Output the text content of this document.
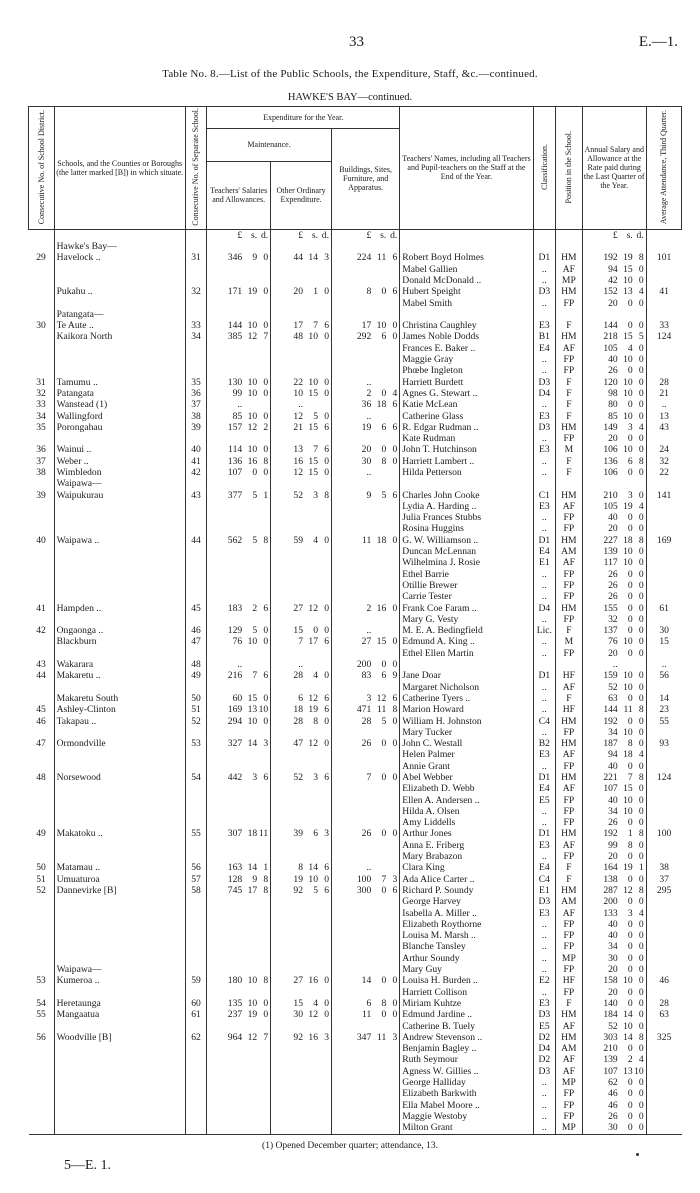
33	E.—1.
Table No. 8.—List of the Public Schools, the Expenditure, Staff, &c.—continued.
HAWKE'S BAY—continued.
Consecutive No. of School District.	Schools, and the Counties or Boroughs (the latter marked [B]) in which situate.	Consecutive No. of Separate School.	Expenditure for the Year.			Teachers' Names, including all Teachers and Pupil-teachers on the Staff at the End of the Year.	Classification.	Position in the School.	Annual Salary and Allowance at the Rate paid during the Last Quarter of the Year.	Average Attendance, Third Quarter.
			Maintenance.		Buildings, Sites, Furniture, and Apparatus.					
			Teachers' Salaries and Allowances.	Other Ordinary Expenditure.						

			£ s. d.	£ s. d.	£ s. d.				£ s. d.	

	Hawke's Bay—		

29	Havelock ..	31	346 9 0	44 14 3	224 11 6	Robert Boyd Holmes	D1	HM	192 19 8	101

	Mabel Gallien	..	AF	94 15 0	

	Donald McDonald ..	..	MP	42 10 0	

	Pukahu ..	32	171 19 0	20 1 0	8 0 6	Hubert Speight	D3	HM	152 13 4	41

	Mabel Smith	..	FP	20 0 0	

	Patangata—		

30	Te Aute ..	33	144 10 0	17 7 6	17 10 0	Christina Caughley	E3	F	144 0 0	33
	Kaikora North	34	385 12 7	48 10 0	292 6 0	James Noble Dodds	B1	HM	218 15 5	124

	Frances E. Baker ..	E4	AF	105 4 0	

	Maggie Gray	..	FP	40 10 0	

	Phœbe Ingleton	..	FP	26 0 0	

31	Tamumu ..	35	130 10 0	22 10 0	..	Harriett Burdett	D3	F	120 10 0	28
32	Patangata	36	99 10 0	10 15 0	2 0 4	Agnes G. Stewart ..	D4	F	98 10 0	21
33	Wanstead (1)	37	..	..	36 18 6	Katie McLean	..	F	80 0 0	..
34	Wallingford	38	85 10 0	12 5 0	..	Catherine Glass	E3	F	85 10 0	13
35	Porongahau	39	157 12 2	21 15 6	19 6 6	R. Edgar Rudman ..	D3	HM	149 3 4	43

	Kate Rudman	..	FP	20 0 0	

36	Wainui ..	40	114 10 0	13 7 6	20 0 0	John T. Hutchinson	E3	M	106 10 0	24
37	Weber ..	41	136 16 8	16 15 0	30 8 0	Harriett Lambert ..	..	F	136 6 8	32
38	Wimbledon	42	107 0 0	12 15 0	..	Hilda Petterson	..	F	106 0 0	22
	Waipawa—		

39	Waipukurau	43	377 5 1	52 3 8	9 5 6	Charles John Cooke	C1	HM	210 3 0	141

	Lydia A. Harding ..	E3	AF	105 19 4	

	Julia Frances Stubbs	..	FP	40 0 0	

	Rosina Huggins	..	FP	20 0 0	

40	Waipawa ..	44	562 5 8	59 4 0	11 18 0	G. W. Williamson ..	D1	HM	227 18 8	169

	Duncan McLennan	E4	AM	139 10 0	

	Wilhelmina J. Rosie	E1	AF	117 10 0	

	Ethel Barrie	..	FP	26 0 0	

	Otillie Brewer	..	FP	26 0 0	

	Carrie Tester	..	FP	26 0 0	

41	Hampden ..	45	183 2 6	27 12 0	2 16 0	Frank Coe Faram ..	D4	HM	155 0 0	61

	Mary G. Vesty	..	FP	32 0 0	

42	Ongaonga ..	46	129 5 0	15 0 0	..	M. E. A. Bedingfield	Lic.	F	137 0 0	30
	Blackburn	47	76 10 0	7 17 6	27 15 0	Edmund A. King ..	..	M	76 10 0	15

	Ethel Ellen Martin	..	FP	20 0 0	

43	Wakarara	48	..	..	200 0 0				..	..
44	Makaretu ..	49	216 7 6	28 4 0	83 6 9	Jane Doar	D1	HF	159 10 0	56

	Margaret Nicholson	..	AF	52 10 0	

	Makaretu South	50	60 15 0	6 12 6	3 12 6	Catherine Tyers ..	..	F	63 0 0	14
45	Ashley-Clinton	51	169 13 10	18 19 6	471 11 8	Marion Howard	..	HF	144 11 8	23
46	Takapau ..	52	294 10 0	28 8 0	28 5 0	William H. Johnston	C4	HM	192 0 0	55

	Mary Tucker	..	FP	34 10 0	

47	Ormondville	53	327 14 3	47 12 0	26 0 0	John C. Westall	B2	HM	187 8 0	93

	Helen Palmer	E3	AF	94 18 4	

	Annie Grant	..	FP	40 0 0	

48	Norsewood	54	442 3 6	52 3 6	7 0 0	Abel Webber	D1	HM	221 7 8	124

	Elizabeth D. Webb	E4	AF	107 15 0	

	Ellen A. Andersen ..	E5	FP	40 10 0	

	Hilda A. Olsen	..	FP	34 10 0	

	Amy Liddells	..	FP	26 0 0	

49	Makatoku ..	55	307 18 11	39 6 3	26 0 0	Arthur Jones	D1	HM	192 1 8	100

	Anna E. Friberg	E3	AF	99 8 0	

	Mary Brabazon	..	FP	20 0 0	

50	Matamau ..	56	163 14 1	8 14 6	..	Clara King	E4	F	164 19 1	38
51	Umuaturoa	57	128 9 8	19 10 0	100 7 3	Ada Alice Carter ..	C4	F	138 0 0	37
52	Dannevirke [B]	58	745 17 8	92 5 6	300 0 6	Richard P. Soundy	E1	HM	287 12 8	295

	George Harvey	D3	AM	200 0 0	

	Isabella A. Miller ..	E3	AF	133 3 4	

	Elizabeth Roythorne	..	FP	40 0 0	

	Louisa M. Marsh ..	..	FP	40 0 0	

	Blanche Tansley	..	FP	34 0 0	

	Arthur Soundy	..	MP	30 0 0	

	Waipawa—					Mary Guy	..	FP	20 0 0	

53	Kumeroa ..	59	180 10 8	27 16 0	14 0 0	Louisa H. Burden ..	E2	HF	158 10 0	46

	Harriett Collison	..	FP	20 0 0	

54	Heretaunga	60	135 10 0	15 4 0	6 8 0	Miriam Kuhtze	E3	F	140 0 0	28
55	Mangaatua	61	237 19 0	30 12 0	11 0 0	Edmund Jardine ..	D3	HM	184 14 0	63

	Catherine B. Tuely	E5	AF	52 10 0	

56	Woodville [B]	62	964 12 7	92 16 3	347 11 3	Andrew Stevenson ..	D2	HM	303 14 8	325

	Benjamin Bagley ..	D4	AM	210 0 0	

	Ruth Seymour	D2	AF	139 2 4	

	Agness W. Gillies ..	D3	AF	107 13 10	

	George Halliday	..	MP	62 0 0	

	Elizabeth Barkwith	..	FP	46 0 0	

	Ella Mabel Moore ..	..	FP	46 0 0	

	Maggie Westoby	..	FP	26 0 0	

	Milton Grant	..	MP	30 0 0	

(1) Opened December quarter; attendance, 13.
5—E. 1.
